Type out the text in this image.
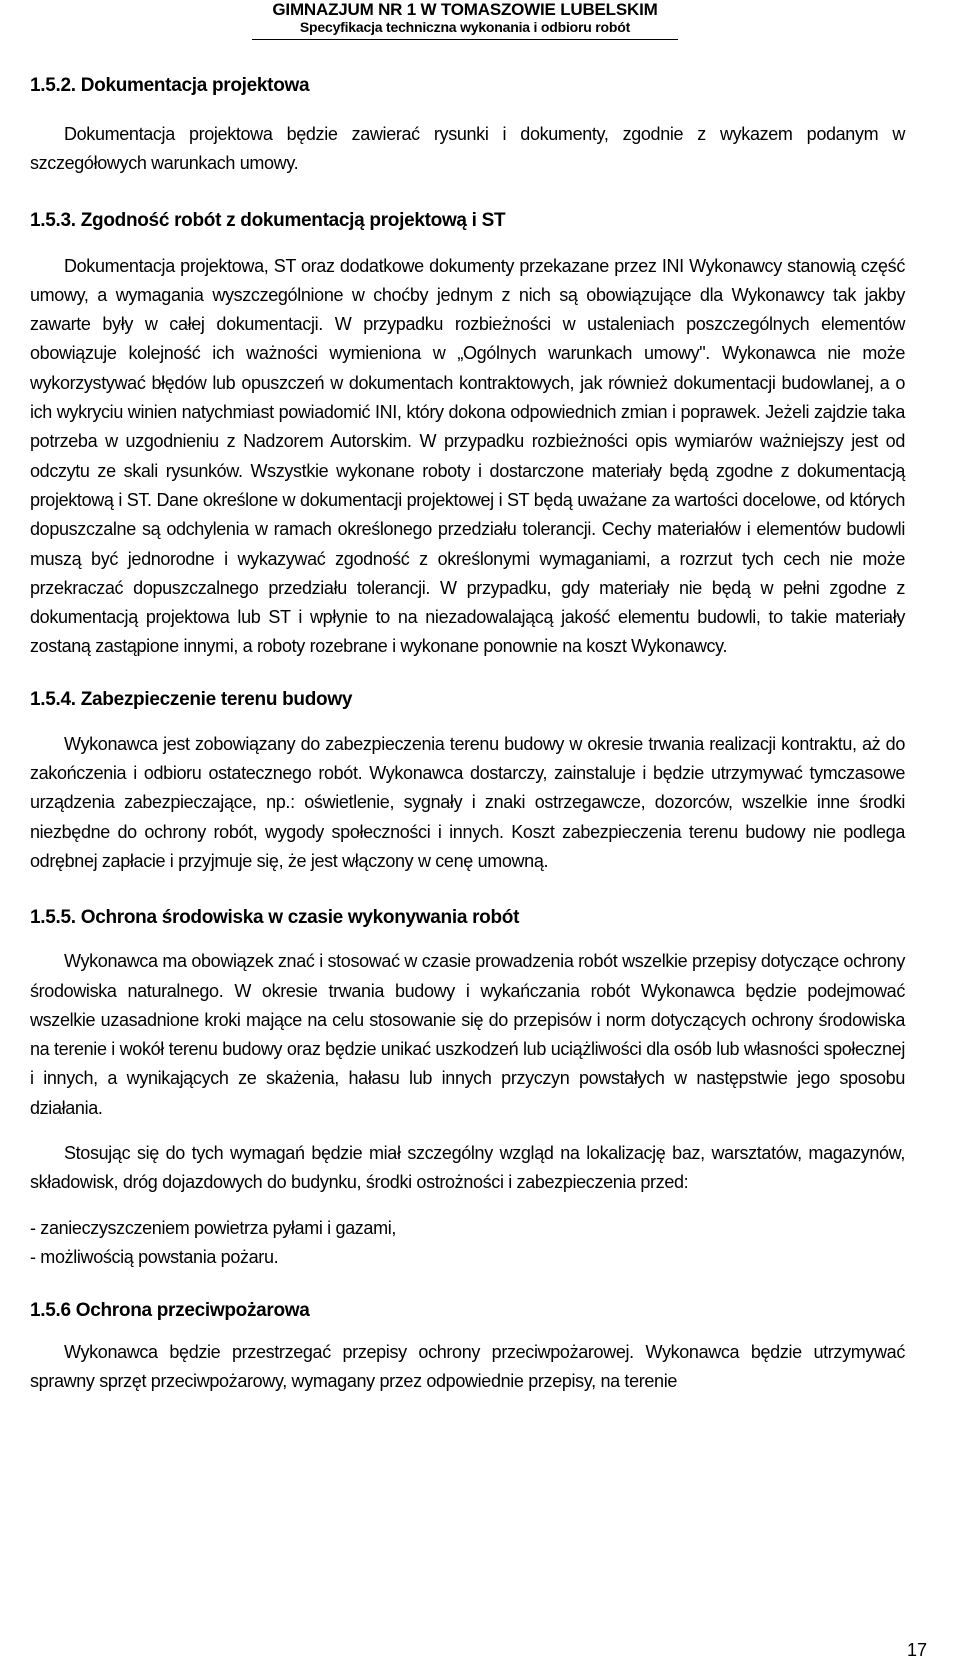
GIMNAZJUM NR 1 W TOMASZOWIE LUBELSKIM
Specyfikacja techniczna wykonania i odbioru robót
1.5.2. Dokumentacja projektowa

Dokumentacja projektowa będzie zawierać rysunki i dokumenty, zgodnie z wykazem podanym w szczegółowych warunkach umowy.

1.5.3. Zgodność robót z dokumentacją projektową i ST

Dokumentacja projektowa, ST oraz dodatkowe dokumenty przekazane przez INI Wykonawcy stanowią część umowy, a wymagania wyszczególnione w choćby jednym z nich są obowiązujące dla Wykonawcy tak jakby zawarte były w całej dokumentacji. W przypadku rozbieżności w ustaleniach poszczególnych elementów obowiązuje kolejność ich ważności wymieniona w „Ogólnych warunkach umowy". Wykonawca nie może wykorzystywać błędów lub opuszczeń w dokumentach kontraktowych, jak również dokumentacji budowlanej, a o ich wykryciu winien natychmiast powiadomić INI, który dokona odpowiednich zmian i poprawek. Jeżeli zajdzie taka potrzeba w uzgodnieniu z Nadzorem Autorskim. W przypadku rozbieżności opis wymiarów ważniejszy jest od odczytu ze skali rysunków. Wszystkie wykonane roboty i dostarczone materiały będą zgodne z dokumentacją projektową i ST. Dane określone w dokumentacji projektowej i ST będą uważane za wartości docelowe, od których dopuszczalne są odchylenia w ramach określonego przedziału tolerancji. Cechy materiałów i elementów budowli muszą być jednorodne i wykazywać zgodność z określonymi wymaganiami, a rozrzut tych cech nie może przekraczać dopuszczalnego przedziału tolerancji. W przypadku, gdy materiały nie będą w pełni zgodne z dokumentacją projektowa lub ST i wpłynie to na niezadowalającą jakość elementu budowli, to takie materiały zostaną zastąpione innymi, a roboty rozebrane i wykonane ponownie na koszt Wykonawcy.

1.5.4. Zabezpieczenie terenu budowy

Wykonawca jest zobowiązany do zabezpieczenia terenu budowy w okresie trwania realizacji kontraktu, aż do zakończenia i odbioru ostatecznego robót. Wykonawca dostarczy, zainstaluje i będzie utrzymywać tymczasowe urządzenia zabezpieczające, np.: oświetlenie, sygnały i znaki ostrzegawcze, dozorców, wszelkie inne środki niezbędne do ochrony robót, wygody społeczności i innych. Koszt zabezpieczenia terenu budowy nie podlega odrębnej zapłacie i przyjmuje się, że jest włączony w cenę umowną.

1.5.5. Ochrona środowiska w czasie wykonywania robót

Wykonawca ma obowiązek znać i stosować w czasie prowadzenia robót wszelkie przepisy dotyczące ochrony środowiska naturalnego. W okresie trwania budowy i wykańczania robót Wykonawca będzie podejmować wszelkie uzasadnione kroki mające na celu stosowanie się do przepisów i norm dotyczących ochrony środowiska na terenie i wokół terenu budowy oraz będzie unikać uszkodzeń lub uciążliwości dla osób lub własności społecznej i innych, a wynikających ze skażenia, hałasu lub innych przyczyn powstałych w następstwie jego sposobu działania.

Stosując się do tych wymagań będzie miał szczególny wzgląd na lokalizację baz, warsztatów, magazynów, składowisk, dróg dojazdowych do budynku, środki ostrożności i zabezpieczenia przed:

- zanieczyszczeniem powietrza pyłami i gazami,

- możliwością powstania pożaru.

1.5.6 Ochrona przeciwpożarowa

Wykonawca będzie przestrzegać przepisy ochrony przeciwpożarowej. Wykonawca będzie utrzymywać sprawny sprzęt przeciwpożarowy, wymagany przez odpowiednie przepisy, na terenie

17
